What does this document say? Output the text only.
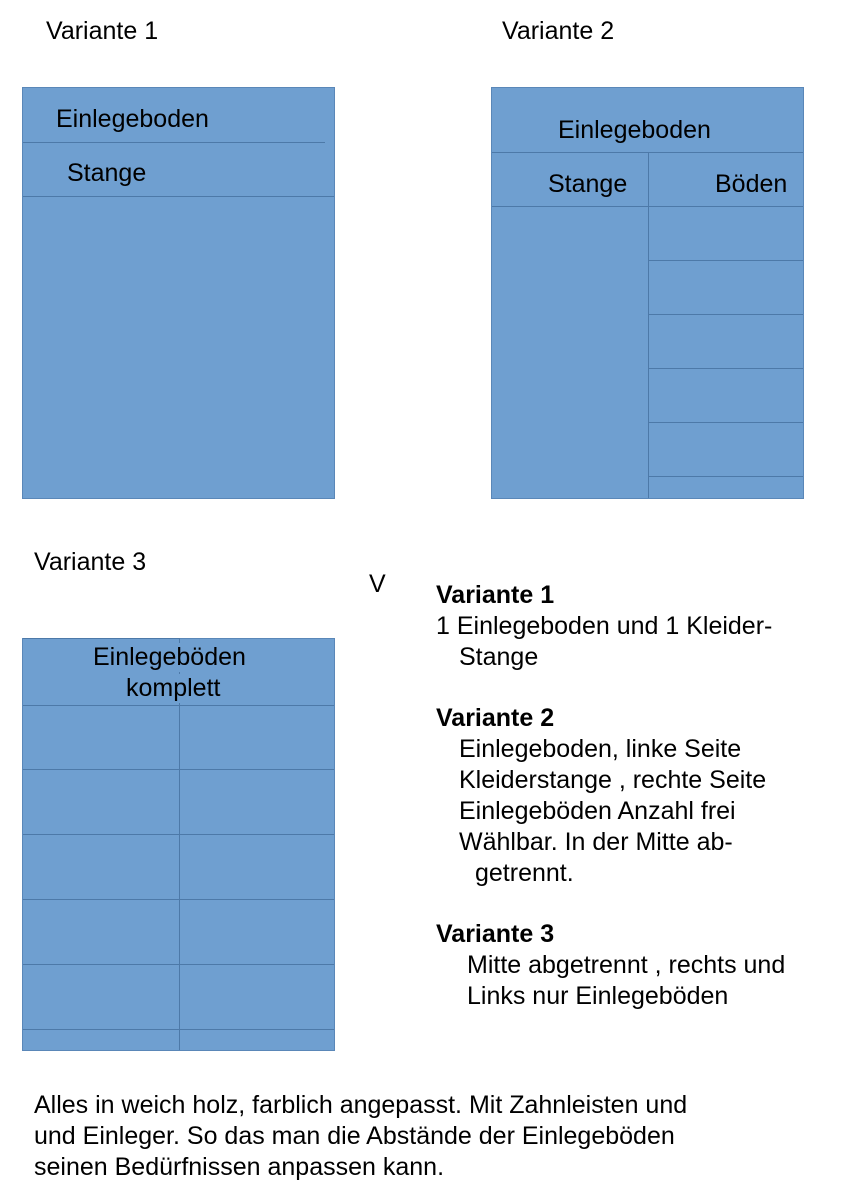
Variante 1
Einlegeboden
Stange
Variante 2
Einlegeboden
Stange	Böden
Variante 3
Einlegeböden
komplett
V Variante 1
1 Einlegeboden und 1 Kleider-
Stange
Variante 2
Einlegeboden, linke Seite
Kleiderstange , rechte Seite
Einlegeböden Anzahl frei
Wählbar. In der Mitte ab-
getrennt.
Variante 3
Mitte abgetrennt , rechts und
Links nur Einlegeböden
Alles in weich holz, farblich angepasst. Mit Zahnleisten und
und Einleger. So das man die Abstände der Einlegeböden
seinen Bedürfnissen anpassen kann.
